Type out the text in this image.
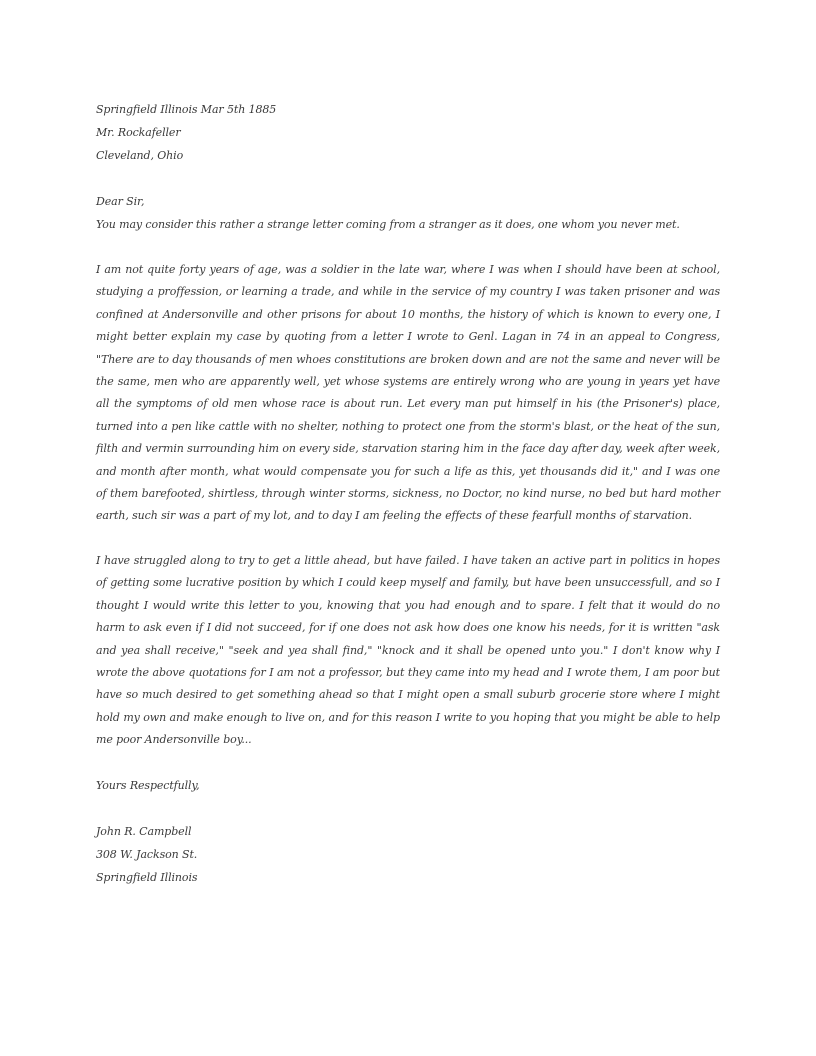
Springfield Illinois Mar 5th 1885
Mr. Rockafeller
Cleveland, Ohio
Dear Sir,
You may consider this rather a strange letter coming from a stranger as it does, one whom you never met.

I am not quite forty years of age, was a soldier in the late war, where I was when I should have been at school, studying a proffession, or learning a trade, and while in the service of my country I was taken prisoner and was confined at Andersonville and other prisons for about 10 months, the history of which is known to every one, I might better explain my case by quoting from a letter I wrote to Genl. Lagan in 74 in an appeal to Congress, "There are to day thousands of men whoes constitutions are broken down and are not the same and never will be the same, men who are apparently well, yet whose systems are entirely wrong who are young in years yet have all the symptoms of old men whose race is about run. Let every man put himself in his (the Prisoner's) place, turned into a pen like cattle with no shelter, nothing to protect one from the storm's blast, or the heat of the sun, filth and vermin surrounding him on every side, starvation staring him in the face day after day, week after week, and month after month, what would compensate you for such a life as this, yet thousands did it," and I was one of them barefooted, shirtless, through winter storms, sickness, no Doctor, no kind nurse, no bed but hard mother earth, such sir was a part of my lot, and to day I am feeling the effects of these fearfull months of starvation.

I have struggled along to try to get a little ahead, but have failed. I have taken an active part in politics in hopes of getting some lucrative position by which I could keep myself and family, but have been unsuccessfull, and so I thought I would write this letter to you, knowing that you had enough and to spare. I felt that it would do no harm to ask even if I did not succeed, for if one does not ask how does one know his needs, for it is written "ask and yea shall receive," "seek and yea shall find," "knock and it shall be opened unto you." I don't know why I wrote the above quotations for I am not a professor, but they came into my head and I wrote them, I am poor but have so much desired to get something ahead so that I might open a small suburb grocerie store where I might hold my own and make enough to live on, and for this reason I write to you hoping that you might be able to help me poor Andersonville boy...

Yours Respectfully,
John R. Campbell
308 W. Jackson St.
Springfield Illinois
